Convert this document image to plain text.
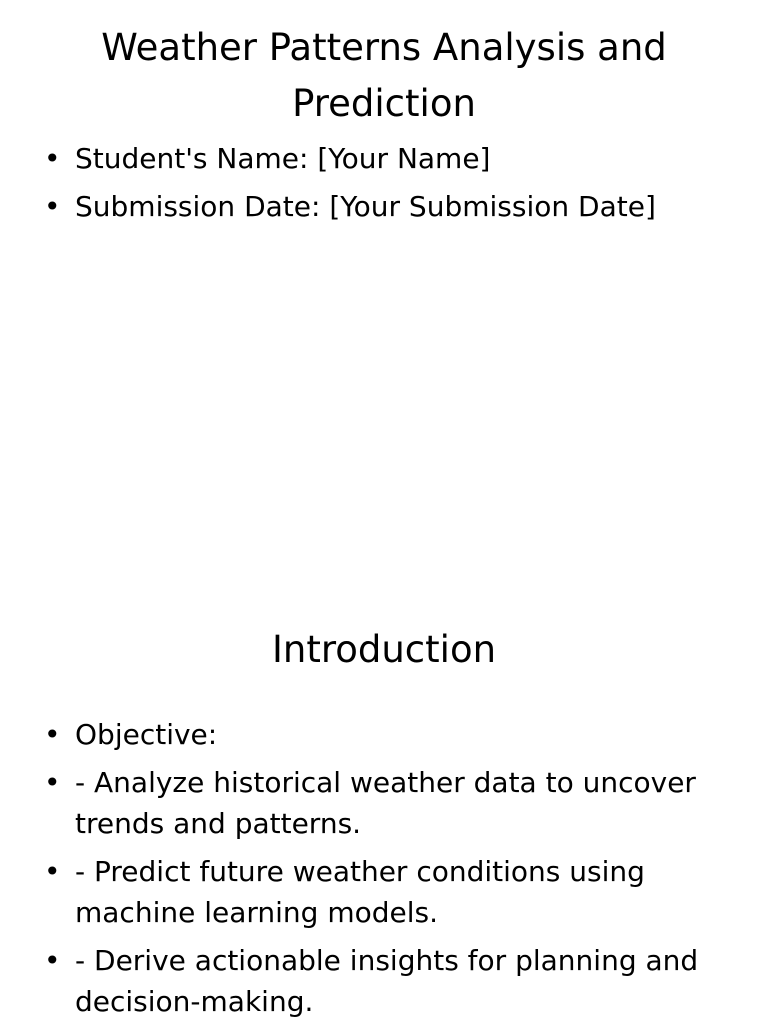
Weather Patterns Analysis and Prediction
• Student's Name: [Your Name]
• Submission Date: [Your Submission Date]
Introduction
• Objective:
• - Analyze historical weather data to uncover trends and patterns.
• - Predict future weather conditions using machine learning models.
• - Derive actionable insights for planning and decision-making.
